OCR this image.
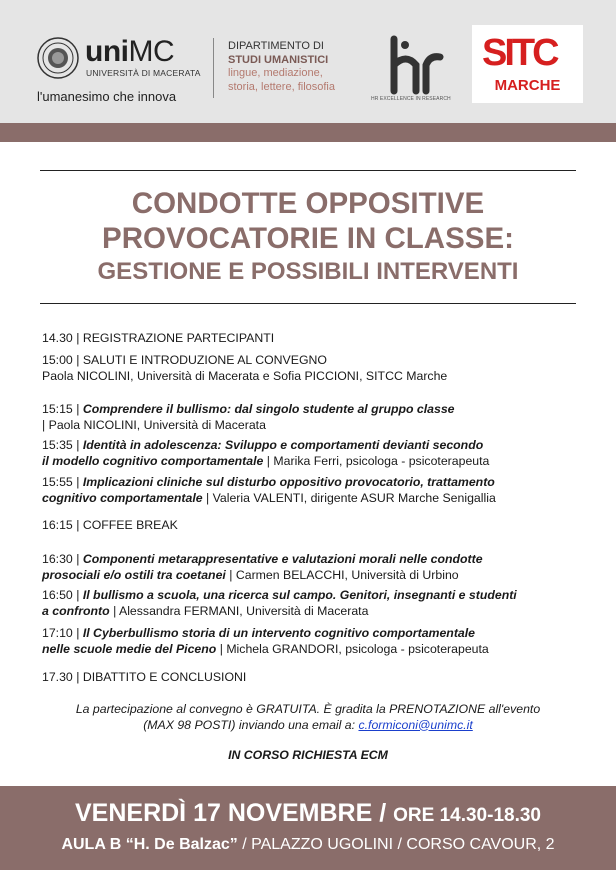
uniMC
UNIVERSITÀ DI MACERATA
l'umanesimo che innova
DIPARTIMENTO DI
STUDI UMANISTICI
lingue, mediazione,
storia, lettere, filosofia
HR EXCELLENCE IN RESEARCH
SITC
MARCHE
CONDOTTE OPPOSITIVE
PROVOCATORIE IN CLASSE:
GESTIONE E POSSIBILI INTERVENTI
14.30 | REGISTRAZIONE PARTECIPANTI
15:00 | SALUTI E INTRODUZIONE AL CONVEGNO
Paola NICOLINI, Università di Macerata e Sofia PICCIONI, SITCC Marche
15:15 | Comprendere il bullismo: dal singolo studente al gruppo classe
| Paola NICOLINI, Università di Macerata
15:35 | Identità in adolescenza: Sviluppo e comportamenti devianti secondo
il modello cognitivo comportamentale | Marika Ferri, psicologa - psicoterapeuta
15:55 | Implicazioni cliniche sul disturbo oppositivo provocatorio, trattamento
cognitivo comportamentale | Valeria VALENTI, dirigente ASUR Marche Senigallia
16:15 | COFFEE BREAK
16:30 | Componenti metarappresentative e valutazioni morali nelle condotte
prosociali e/o ostili tra coetanei | Carmen BELACCHI, Università di Urbino
16:50 | Il bullismo a scuola, una ricerca sul campo. Genitori, insegnanti e studenti
a confronto | Alessandra FERMANI, Università di Macerata
17:10 | Il Cyberbullismo storia di un intervento cognitivo comportamentale
nelle scuole medie del Piceno | Michela GRANDORI, psicologa - psicoterapeuta
17.30 | DIBATTITO E CONCLUSIONI
La partecipazione al convegno è GRATUITA. È gradita la PRENOTAZIONE all'evento
(MAX 98 POSTI) inviando una email a: c.formiconi@unimc.it
IN CORSO RICHIESTA ECM
VENERDÌ 17 NOVEMBRE / ORE 14.30-18.30
AULA B “H. De Balzac” / PALAZZO UGOLINI / CORSO CAVOUR, 2
